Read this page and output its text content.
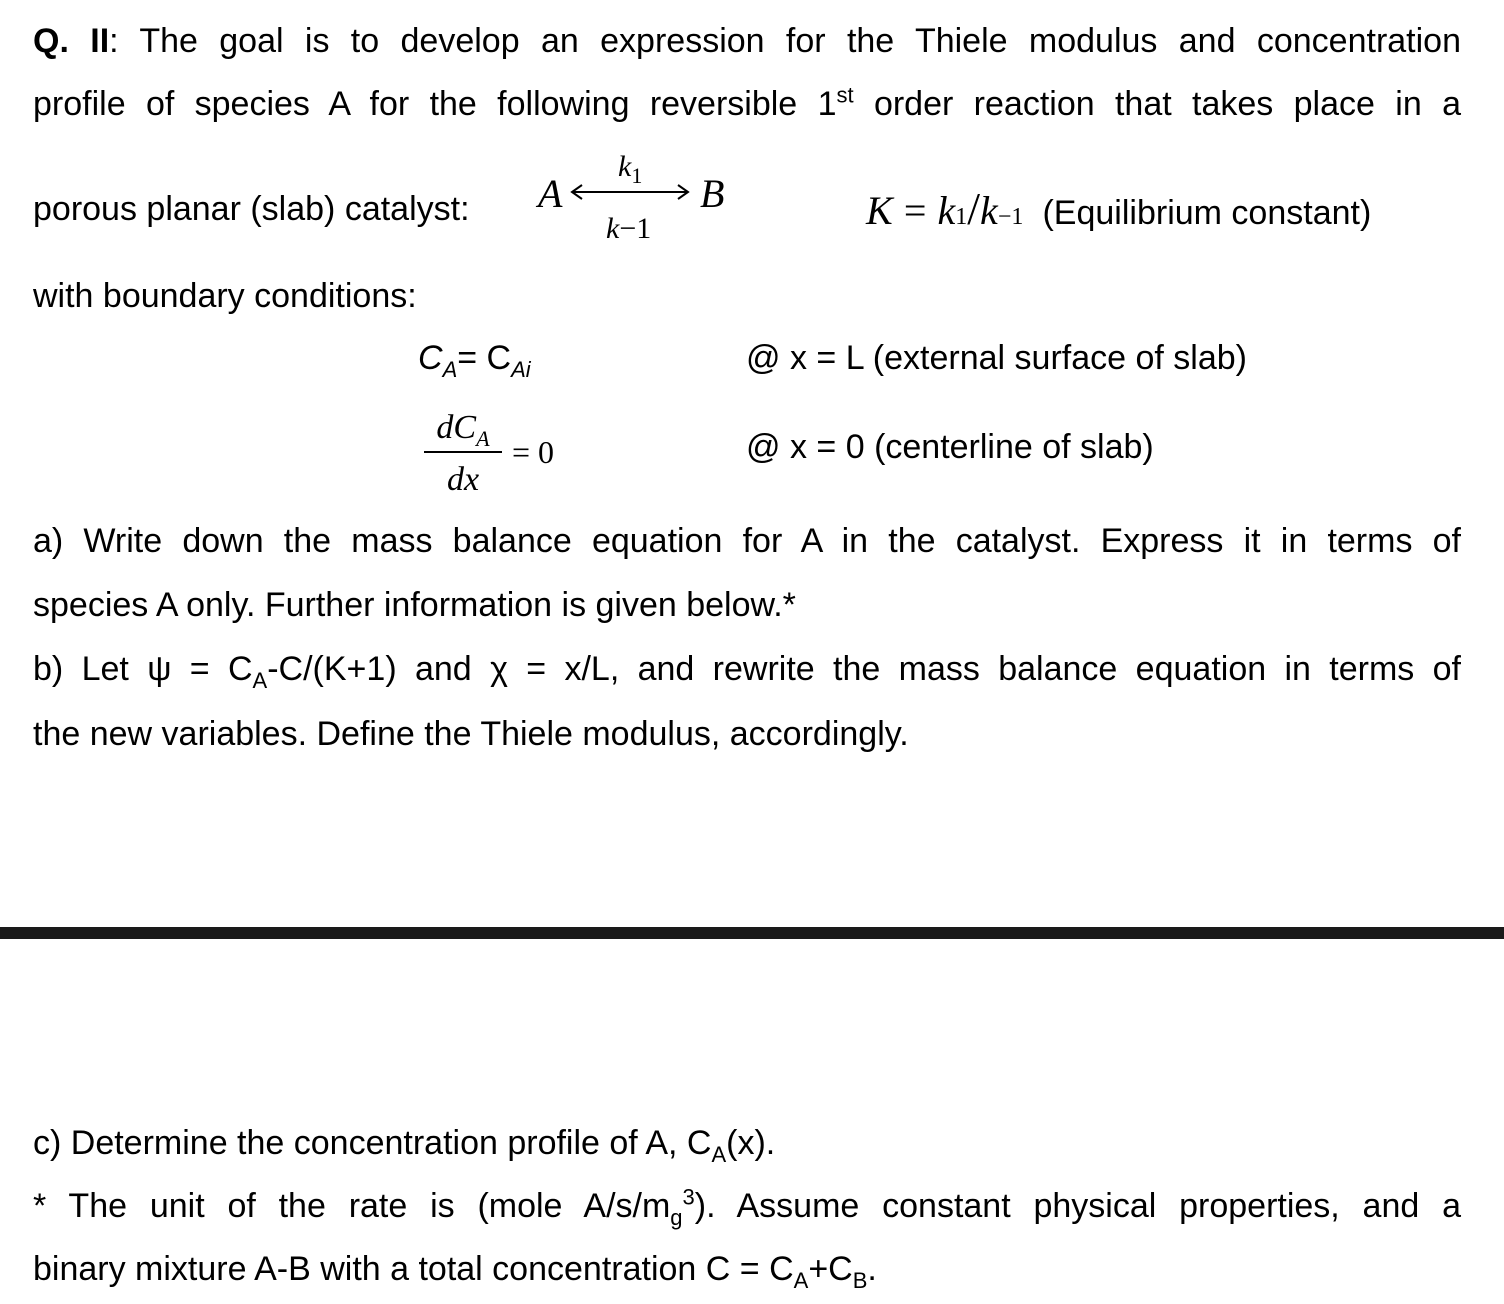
Q. II: The goal is to develop an expression for the Thiele modulus and concentration
profile of species A for the following reversible 1st order reaction that takes place in a
porous planar (slab) catalyst: A
$k_1$ B
k−1	K = k1/k−1 (Equilibrium constant)
with boundary conditions:
$C_A= C_{Ai}$	@ x = L (external surface of slab)
$dC_A$
dx
= 0	@ x = 0 (centerline of slab)
a) Write down the mass balance equation for A in the catalyst. Express it in terms of
species A only. Further information is given below.*
b) Let $\psi = C_A-C/(K+1)$ and χ = x/L, and rewrite the mass balance equation in terms of
the new variables. Define the Thiele modulus, accordingly.
c) Determine the concentration profile of A, $C_A(x)$.
* The unit of the rate is (mole $A/s/m_g^3$). Assume constant physical properties, and a
binary mixture A-B with a total concentration $C = C_A+C_B$.
